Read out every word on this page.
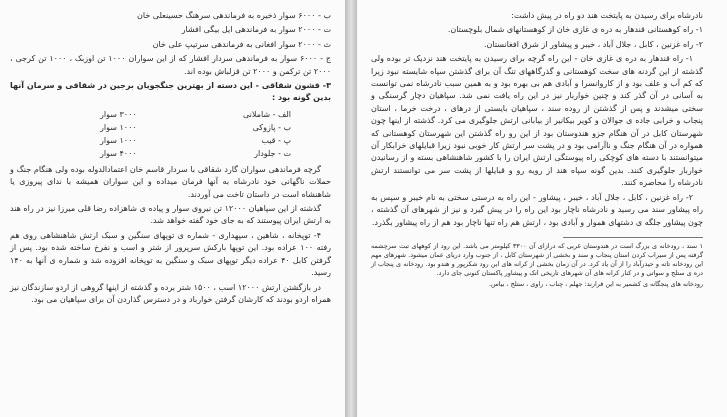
ب - ۶۰۰۰ سوار ذخیره به فرماندهی سرهنگ حسینعلی خان

ت - ۲۰۰۰ سوار به فرماندهی ایل بیگی افشار

ث - ۲۰۰۰ سوار افغانی به فرماندهی سرتیپ علی خان

ج - ۶۰۰۰ سوار به فرماندهی سردار افشار که از این سواران ۱۰۰۰ تن اوزبک ، ۱۰۰۰ تن کرجی ، ۲۰۰۰ تن ترکمن و ۲۰۰۰ تن قزلباش بوده اند.

۳- قشون شقاقی - این دسته از بهترین جنگجویان برجین در شقاقی و سرمان آنها بدین گونه بود :

الف - شاملانی
۳۰۰۰ سوار
ب - پازوکی
۱۰۰۰ سوار
پ - قیب
۱۰۰۰ سوار
ت - جلودار
۴۰۰۰ سوار

گرچه فرماندهی سواران گارد شقاقی با سردار قاسم خان اعتمادالدوله بوده ولی هنگام جنگ و حملات ناگهانی خود نادرشاه به آنها فرمان میداده و این سواران همیشه با ندای پیروزی یا شاهنشاه است در داستان تاخت می آوردند.

گذشته از این سپاهیان ۱۲۰۰۰ تن نیروی سوار و پیاده ی شاهزاده رضا قلی میرزا نیز در راه هند به ارتش ایران پیوستند که به جای خود گفته خواهد شد.

۴- توپخانه ، شاهین ، سپهداری - شماره ی توپهای سنگین و سبک ارتش شاهنشاهی روی هم رفته ۱۰۰ عراده بود. این توپها بارکش سرپرور از شتر و اسب و نفرخ ساخته شده بود. پس از گرفتن کابل ۴۰ عراده دیگر توپهای سبک و سنگین به توپخانه افزوده شد و شماره ی آنها به ۱۴۰ رسید.

در بازگشتن ارتش ۱۲۰۰۰ اسب ، ۱۵۰۰ شتر برده و گذشته از اینها گروهی از اردو سازندگان نیز همراه اردو بودند که کارشان گرفتن خوارباد و در دسترس گذاردن آن برای سپاهیان می بود.

نادرشاه برای رسیدن به پایتخت هند دو راه در پیش داشت:

۱- راه کوهستانی قندهار به دره ی غازی خان از کوهستانهای شمال بلوچستان.

۲- راه غزنین ، کابل ، جلال آباد ، خیبر و پیشاور از شرق افغانستان.

۱- راه قندهار به دره ی غازی خان - این راه گرچه برای رسیدن به پایتخت هند نزدیک تر بوده ولی گذشته از این گردنه های سخت کوهستانی و گذرگاههای تنگ آن برای گذشتن سپاه شایسته نبود زیرا که کم آب و علف بود و از کاروانسرا و آبادی هم بی بهره بود و به همین سبب نادرشاه نمی توانست به آسانی در آن گذر کند و چنین خواربار نیز در این راه یافت نمی شد. سپاهیان دچار گرسنگی و سختی میشدند و پس از گذشتن از روده سند ، سپاهیان بایستی از درهای ، درخت خرما ، استان پنجاب و خرابی جاده ی جوالان و کویر بیکانیر از بیابانی ارتش جلوگیری می کرد. گذشته از اینها چون شهرستان کابل در آن هنگام جزو هندوستان بود از این رو راه گذشتن این شهرستان کوهستانی که همواره در آن هنگام جنگ و ناآرامی بود و در پشت سر ارتش کار خوبی نبود زیرا قبایلهای خرابکار آن میتوانستند با دسته های کوچکی راه پیوستگی ارتش ایران را با کشور شاهنشاهی بسته و از رسانیدن خواربار جلوگیری کنند. بدین گونه سپاه هند از رویه رو و قبایلها از پشت سر می توانستند ارتش نادرشاه را محاصره کنند.

۲- راه غزنین ، کابل ، جلال آباد ، خیبر ، پیشاور - این راه به درستی سختی به نام خیبر و سپس به راه پیشاور سند می رسید و نادرشاه ناچار بود این راه را در پیش گیرد و نیز از شهرهای آن گذشته ، چون پیشاور جلگه ی دشتهای هموار و آبادی بود ، ارتش هم راه تنها ناچار بود هم از راه پیشاور بگذرد.

۱ سند ، رودخانه ی بزرگ است در هندوستان غربی که درازای آن ۳۳۰۰ کیلومتر می باشد. این رود از کوههای تبت سرچشمه گرفته پس از سیراب کردن استان پنجاب و سند و بخشی از شهرستان کابل ، از جنوب وارد دریای عمان میشود. شهرهای مهم این رودخانه تاته و حیدرآباد را از آن یاد کرد. در آن زمان بخشی از کرانه های این رود شکرپور و هندو بود. رودخانه ی پنجاب از دره ی ستلج و سواتی و در کنار کرانه های آن شهرهای تاریخی اتک و پیشاور پاکستان کنونی جای دارد.

رودخانه های پنجگانه ی کشمیر به این قرارند: جهلم ، چناب ، راوی ، ستلج ، بیاس.
